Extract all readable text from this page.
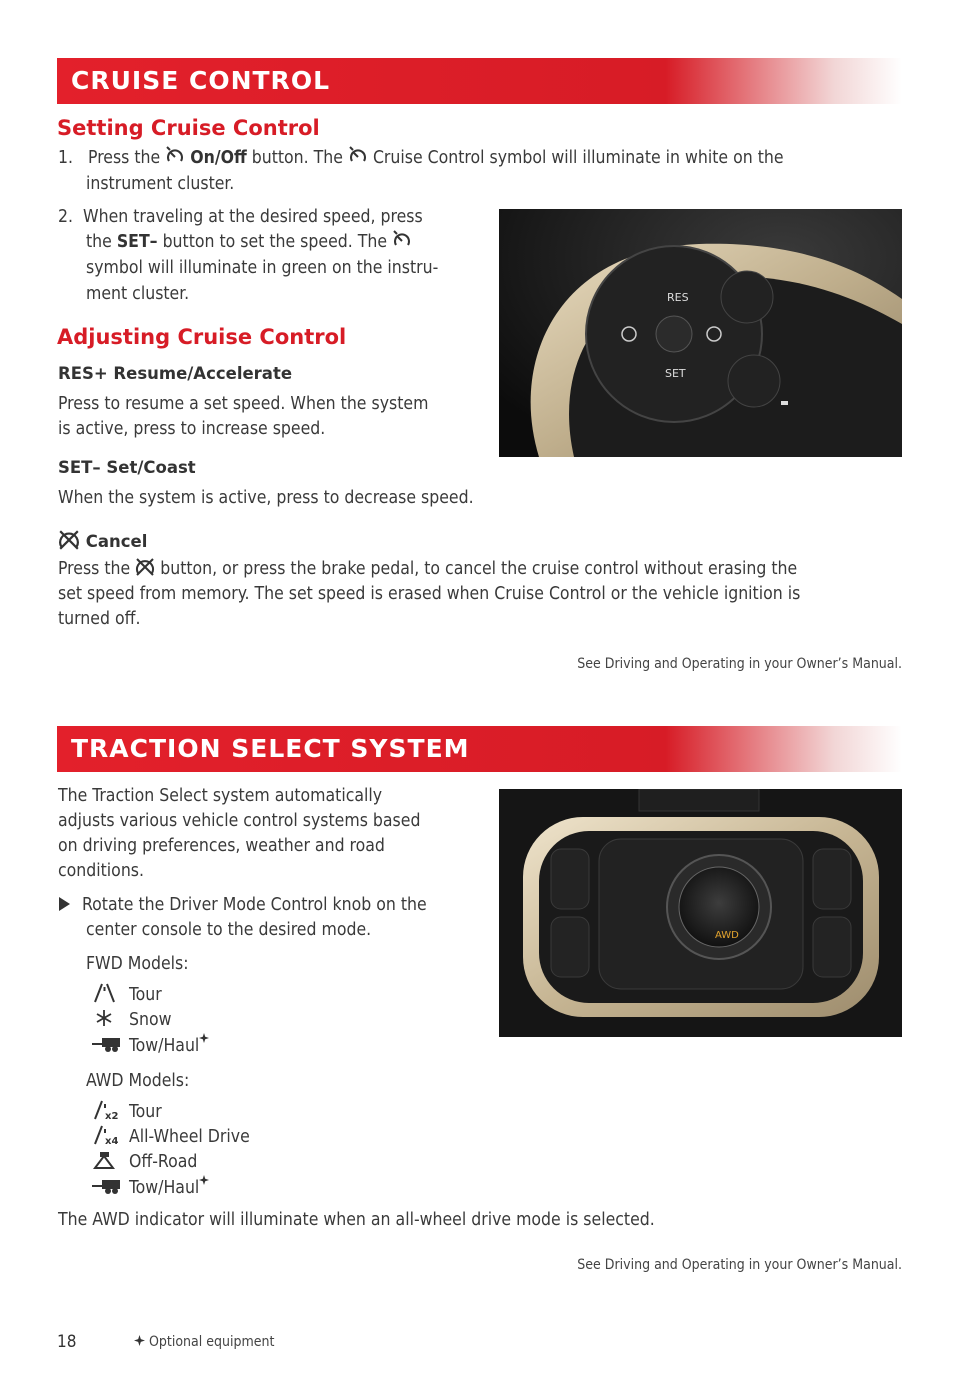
CRUISE CONTROL
Setting Cruise Control
1. Press the On/Off button. The Cruise Control symbol will illuminate in white on the
instrument cluster.
2. When traveling at the desired speed, press
the SET– button to set the speed. The
symbol will illuminate in green on the instru-
ment cluster.	RES
SET
Adjusting Cruise Control
RES+ Resume/Accelerate
Press to resume a set speed. When the system
is active, press to increase speed.
SET– Set/Coast
When the system is active, press to decrease speed.
Cancel
Press the button, or press the brake pedal, to cancel the cruise control without erasing the
set speed from memory. The set speed is erased when Cruise Control or the vehicle ignition is
turned off.
See Driving and Operating in your Owner’s Manual.
TRACTION SELECT SYSTEM
The Traction Select system automatically
adjusts various vehicle control systems based
on driving preferences, weather and road
conditions.
Rotate the Driver Mode Control knob on the
center console to the desired mode.
FWD Models:
Tour
Snow
Tow/Haul
AWD Models:
x2 Tour
x4 All-Wheel Drive
Off-Road
Tow/Haul
The AWD indicator will illuminate when an all-wheel drive mode is selected.
See Driving and Operating in your Owner’s Manual.
AWD
18	Optional equipment
